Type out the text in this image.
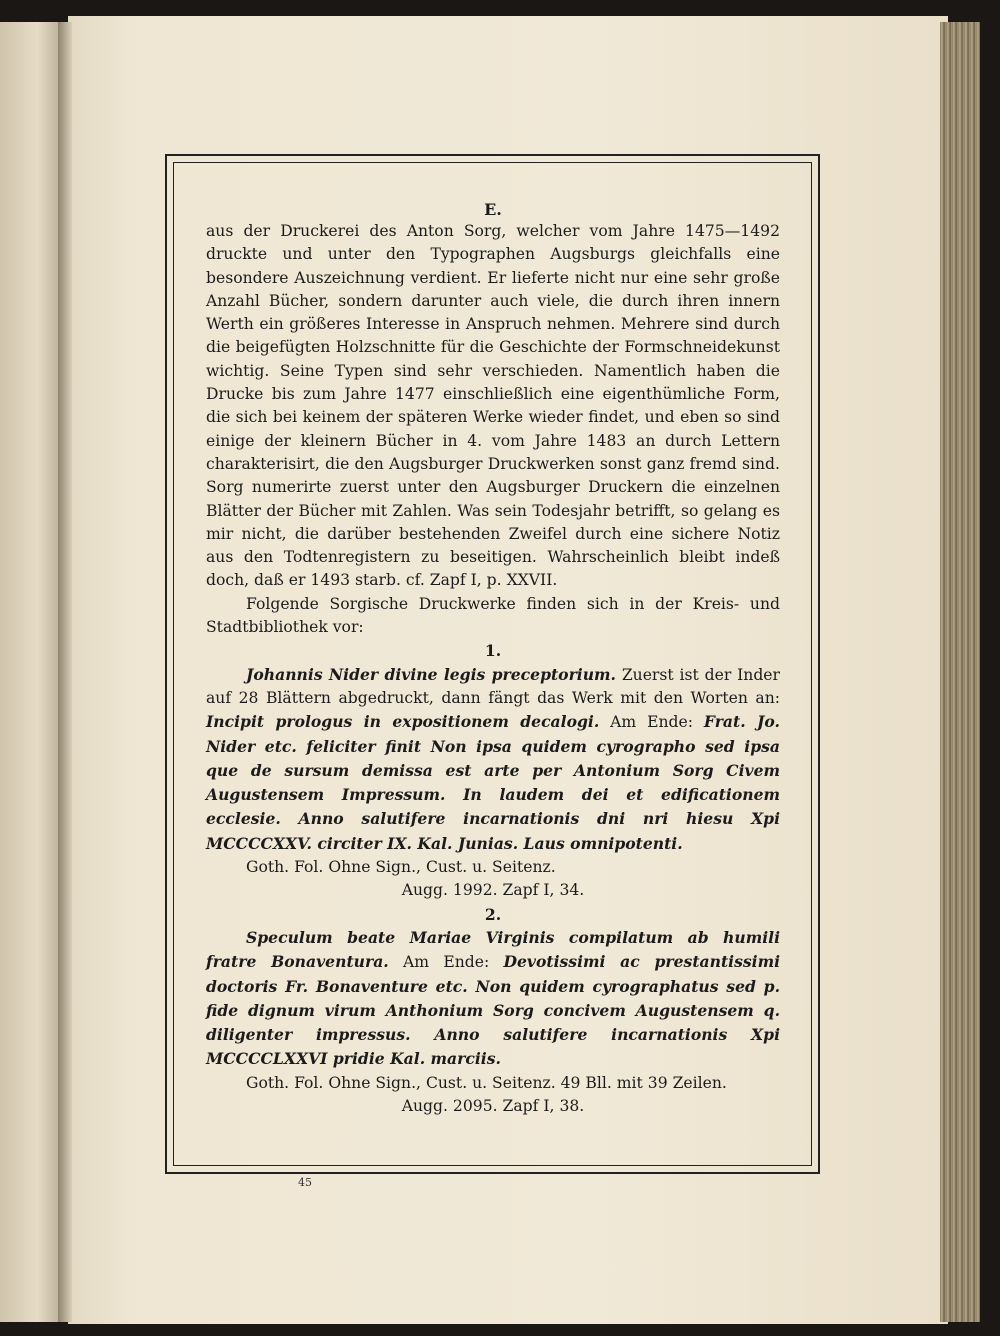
E.

aus der Druckerei des Anton Sorg, welcher vom Jahre 1475—1492 druckte und unter den Typographen Augsburgs gleichfalls eine besondere Auszeichnung verdient. Er lieferte nicht nur eine sehr große Anzahl Bücher, sondern darunter auch viele, die durch ihren innern Werth ein größeres Interesse in Anspruch nehmen. Mehrere sind durch die beigefügten Holzschnitte für die Geschichte der Formschneidekunst wichtig. Seine Typen sind sehr verschieden. Namentlich haben die Drucke bis zum Jahre 1477 einschließlich eine eigenthümliche Form, die sich bei keinem der späteren Werke wieder findet, und eben so sind einige der kleinern Bücher in 4. vom Jahre 1483 an durch Lettern charakterisirt, die den Augsburger Druckwerken sonst ganz fremd sind. Sorg numerirte zuerst unter den Augsburger Druckern die einzelnen Blätter der Bücher mit Zahlen. Was sein Todesjahr betrifft, so gelang es mir nicht, die darüber bestehenden Zweifel durch eine sichere Notiz aus den Todtenregistern zu beseitigen. Wahrscheinlich bleibt indeß doch, daß er 1493 starb. cf. Zapf I, p. XXVII.

Folgende Sorgische Druckwerke finden sich in der Kreis- und Stadtbibliothek vor:

1.

Johannis Nider divine legis preceptorium. Zuerst ist der Inder auf 28 Blättern abgedruckt, dann fängt das Werk mit den Worten an: Incipit prologus in expositionem decalogi. Am Ende: Frat. Jo. Nider etc. feliciter finit Non ipsa quidem cyrographo sed ipsa que de sursum demissa est arte per Antonium Sorg Civem Augustensem Impressum. In laudem dei et edificationem ecclesie. Anno salutifere incarnationis dni nri hiesu Xpi MCCCCXXV. circiter IX. Kal. Junias. Laus omnipotenti.

Goth. Fol. Ohne Sign., Cust. u. Seitenz.

Augg. 1992. Zapf I, 34.

2.

Speculum beate Mariae Virginis compilatum ab humili fratre Bonaventura. Am Ende: Devotissimi ac prestantissimi doctoris Fr. Bonaventure etc. Non quidem cyrographatus sed p. fide dignum virum Anthonium Sorg concivem Augustensem q. diligenter impressus. Anno salutifere incarnationis Xpi MCCCCLXXVI pridie Kal. marciis.

Goth. Fol. Ohne Sign., Cust. u. Seitenz. 49 Bll. mit 39 Zeilen.

Augg. 2095. Zapf I, 38.

45
